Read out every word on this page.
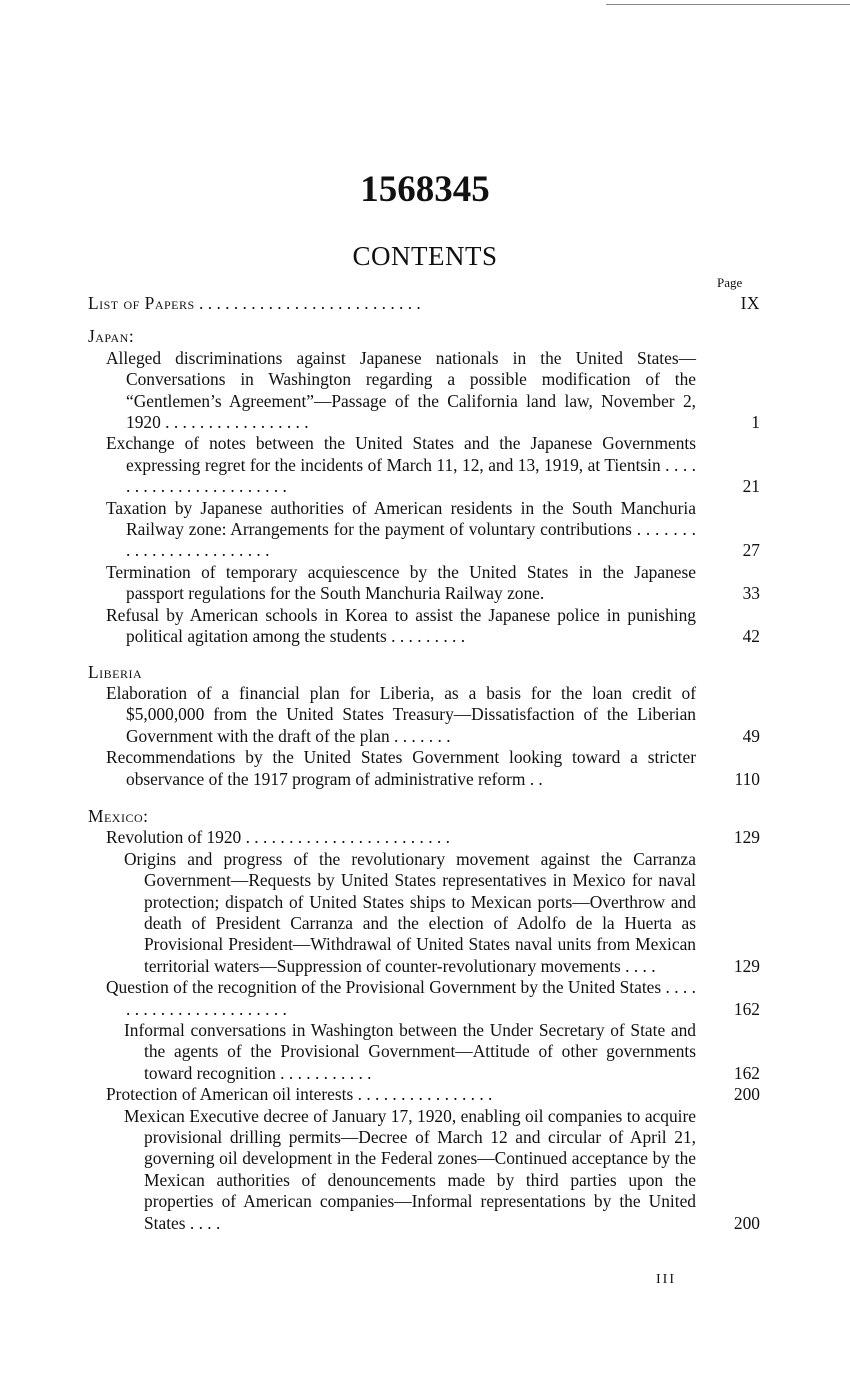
1568345
CONTENTS
Page
List of Papers . . . . . . . . . . . . . . . . . . . . . . . . . .	IX
Japan:
Alleged discriminations against Japanese nationals in the United States—Conversations in Washington regarding a possible modification of the “Gentlemen’s Agreement”—Passage of the California land law, November 2, 1920 . . . . . . . . . . . . . . . . .	1
Exchange of notes between the United States and the Japanese Governments expressing regret for the incidents of March 11, 12, and 13, 1919, at Tientsin . . . . . . . . . . . . . . . . . . . . . . .	21
Taxation by Japanese authorities of American residents in the South Manchuria Railway zone: Arrangements for the payment of voluntary contributions . . . . . . . . . . . . . . . . . . . . . . . .	27
Termination of temporary acquiescence by the United States in the Japanese passport regulations for the South Manchuria Railway zone.	33
Refusal by American schools in Korea to assist the Japanese police in punishing political agitation among the students . . . . . . . . .	42
Liberia
Elaboration of a financial plan for Liberia, as a basis for the loan credit of $5,000,000 from the United States Treasury—Dissatisfaction of the Liberian Government with the draft of the plan . . . . . . .	49
Recommendations by the United States Government looking toward a stricter observance of the 1917 program of administrative reform . .	110
Mexico:
Revolution of 1920 . . . . . . . . . . . . . . . . . . . . . . . .	129
Origins and progress of the revolutionary movement against the Carranza Government—Requests by United States representatives in Mexico for naval protection; dispatch of United States ships to Mexican ports—Overthrow and death of President Carranza and the election of Adolfo de la Huerta as Provisional President—Withdrawal of United States naval units from Mexican territorial waters—Suppression of counter-revolutionary movements . . . .	129
Question of the recognition of the Provisional Government by the United States . . . . . . . . . . . . . . . . . . . . . . .	162
Informal conversations in Washington between the Under Secretary of State and the agents of the Provisional Government—Attitude of other governments toward recognition . . . . . . . . . . .	162
Protection of American oil interests . . . . . . . . . . . . . . . .	200
Mexican Executive decree of January 17, 1920, enabling oil companies to acquire provisional drilling permits—Decree of March 12 and circular of April 21, governing oil development in the Federal zones—Continued acceptance by the Mexican authorities of denouncements made by third parties upon the properties of American companies—Informal representations by the United States . . . .	200
III
